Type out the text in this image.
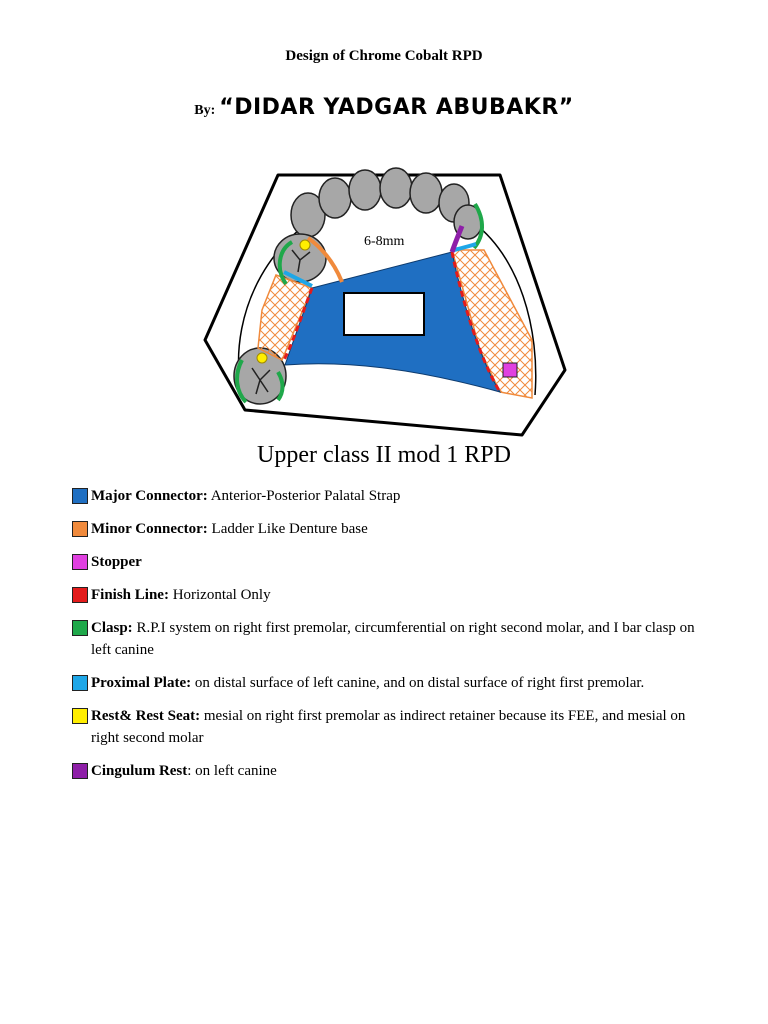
Design of Chrome Cobalt RPD
By: “DIDAR YADGAR ABUBAKR”
6-8mm
Upper class II mod 1 RPD
Major Connector: Anterior-Posterior Palatal Strap
Minor Connector: Ladder Like Denture base
Stopper
Finish Line: Horizontal Only
Clasp: R.P.I system on right first premolar, circumferential on right second molar, and I bar clasp on left canine
Proximal Plate: on distal surface of left canine, and on distal surface of right first premolar.
Rest& Rest Seat: mesial on right first premolar as indirect retainer because its FEE, and mesial on right second molar
Cingulum Rest: on left canine
